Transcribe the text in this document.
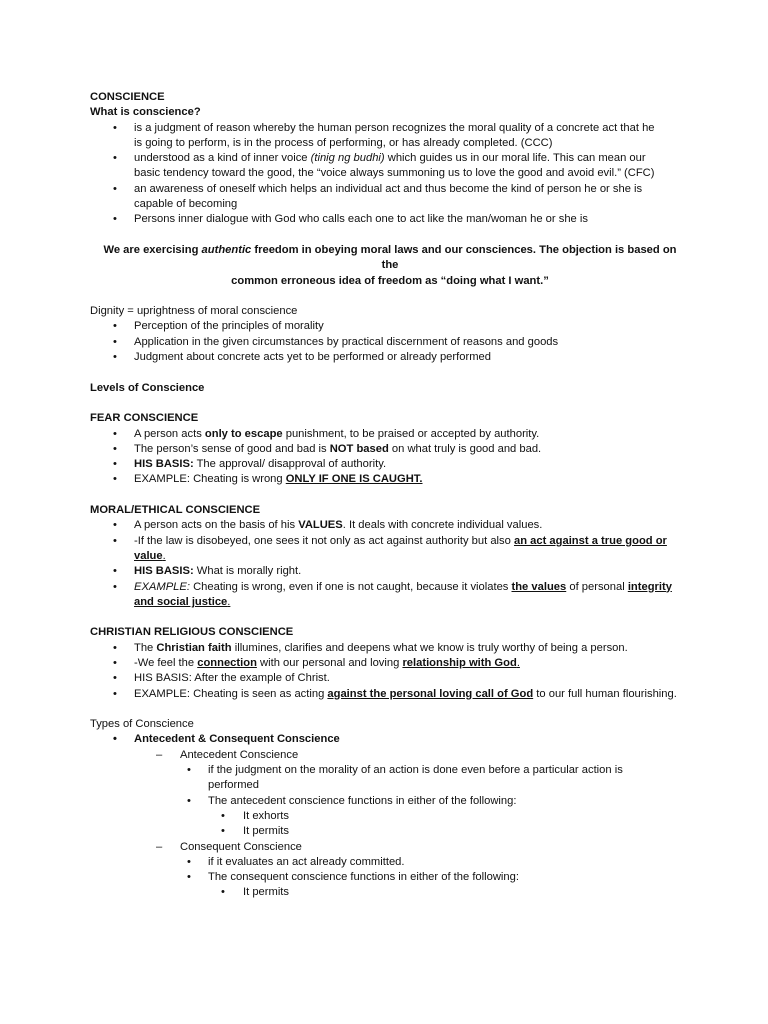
CONSCIENCE
What is conscience?
• is a judgment of reason whereby the human person recognizes the moral quality of a concrete act that he
is going to perform, is in the process of performing, or has already completed. (CCC)
• understood as a kind of inner voice (tinig ng budhi) which guides us in our moral life. This can mean our
basic tendency toward the good, the “voice always summoning us to love the good and avoid evil.” (CFC)
• an awareness of oneself which helps an individual act and thus become the kind of person he or she is
capable of becoming
• Persons inner dialogue with God who calls each one to act like the man/woman he or she is
We are exercising authentic freedom in obeying moral laws and our consciences. The objection is based on the
common erroneous idea of freedom as “doing what I want.”
Dignity = uprightness of moral conscience
• Perception of the principles of morality
• Application in the given circumstances by practical discernment of reasons and goods
• Judgment about concrete acts yet to be performed or already performed
Levels of Conscience
FEAR CONSCIENCE
• A person acts only to escape punishment, to be praised or accepted by authority.
• The person’s sense of good and bad is NOT based on what truly is good and bad.
• HIS BASIS: The approval/ disapproval of authority.
• EXAMPLE: Cheating is wrong ONLY IF ONE IS CAUGHT.
MORAL/ETHICAL CONSCIENCE
• A person acts on the basis of his VALUES. It deals with concrete individual values.
• -If the law is disobeyed, one sees it not only as act against authority but also an act against a true good or
value.
• HIS BASIS: What is morally right.
• EXAMPLE: Cheating is wrong, even if one is not caught, because it violates the values of personal integrity
and social justice.
CHRISTIAN RELIGIOUS CONSCIENCE
• The Christian faith illumines, clarifies and deepens what we know is truly worthy of being a person.
• -We feel the connection with our personal and loving relationship with God.
• HIS BASIS: After the example of Christ.
• EXAMPLE: Cheating is seen as acting against the personal loving call of God to our full human flourishing.
Types of Conscience
• Antecedent & Consequent Conscience
– Antecedent Conscience
• if the judgment on the morality of an action is done even before a particular action is
performed
• The antecedent conscience functions in either of the following:
• It exhorts
• It permits
– Consequent Conscience
• if it evaluates an act already committed.
• The consequent conscience functions in either of the following:
• It permits
